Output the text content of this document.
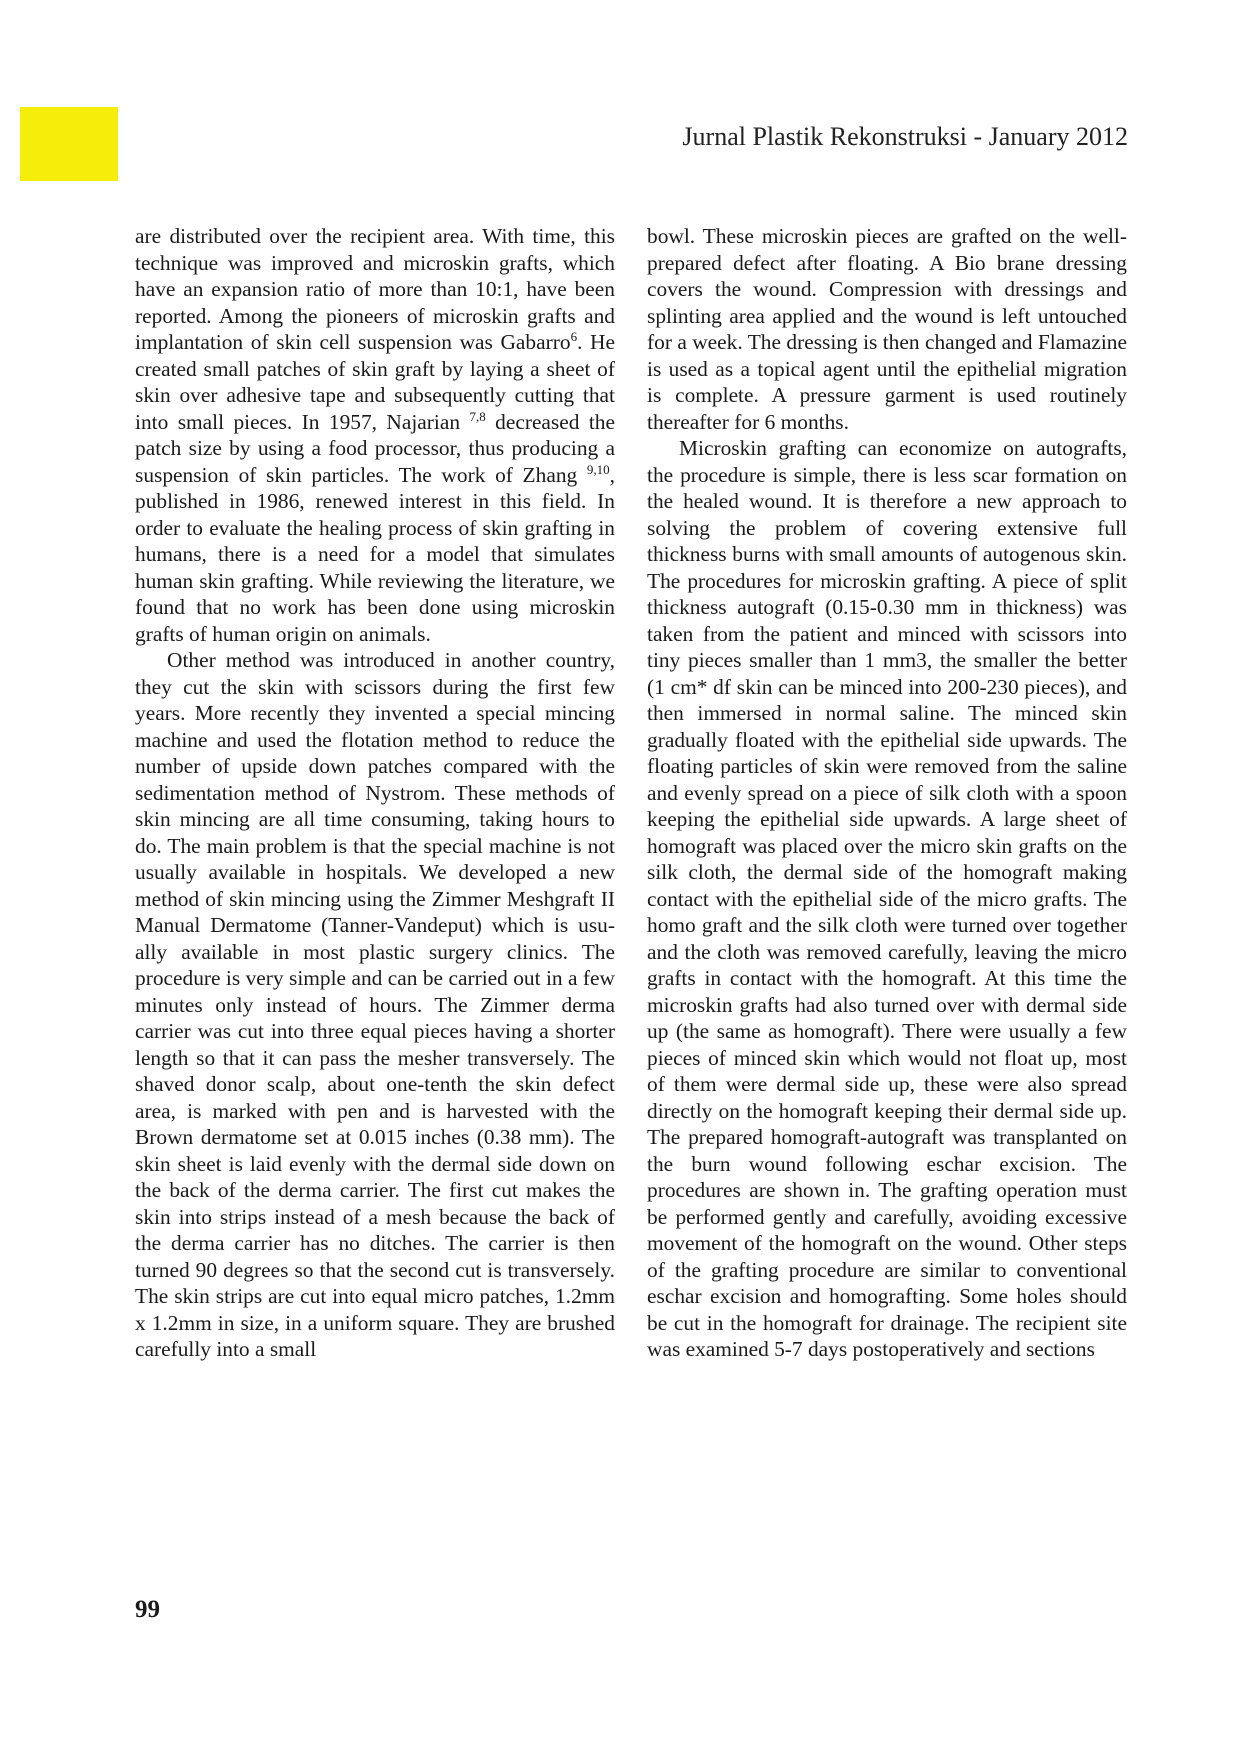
Jurnal Plastik Rekonstruksi - January 2012

are distributed over the recipient area. With time, this technique was improved and microskin grafts, which have an expansion ratio of more than 10:1, have been reported. Among the pioneers of microskin grafts and implantation of skin cell suspension was Gabarro$^6$. He created small patches of skin graft by laying a sheet of skin over adhesive tape and subsequently cutting that into small pieces. In 1957, Najarian $^{7,8}$ decreased the patch size by using a food processor, thus producing a suspension of skin particles. The work of Zhang $^{9,10}$, published in 1986, renewed interest in this field. In order to evaluate the healing process of skin grafting in humans, there is a need for a model that simulates human skin grafting. While reviewing the literature, we found that no work has been done using microskin grafts of human origin on animals.

Other method was introduced in another country, they cut the skin with scissors during the first few years. More recently they invented a special mincing machine and used the flotation method to reduce the number of upside down patches compared with the sedimentation method of Nystrom. These methods of skin mincing are all time consuming, taking hours to do. The main problem is that the special machine is not usually available in hospitals. We developed a new method of skin mincing using the Zimmer Meshgraft II Manual Dermatome (Tanner-Vandeput) which is usually available in most plastic surgery clinics. The procedure is very simple and can be carried out in a few minutes only instead of hours. The Zimmer derma carrier was cut into three equal pieces having a shorter length so that it can pass the mesher transversely. The shaved donor scalp, about one-tenth the skin defect area, is marked with pen and is harvested with the Brown dermatome set at 0.015 inches (0.38 mm). The skin sheet is laid evenly with the dermal side down on the back of the derma carrier. The first cut makes the skin into strips instead of a mesh because the back of the derma carrier has no ditches. The carrier is then turned 90 degrees so that the second cut is transversely. The skin strips are cut into equal micro patches, 1.2mm x 1.2mm in size, in a uniform square. They are brushed carefully into a small

bowl. These microskin pieces are grafted on the well-prepared defect after floating. A Bio brane dressing covers the wound. Compression with dressings and splinting area applied and the wound is left untouched for a week. The dressing is then changed and Flamazine is used as a topical agent until the epithelial migration is complete. A pressure garment is used routinely thereafter for 6 months.

Microskin grafting can economize on autografts, the procedure is simple, there is less scar formation on the healed wound. It is therefore a new approach to solving the problem of covering extensive full thickness burns with small amounts of autogenous skin. The procedures for microskin grafting. A piece of split thickness autograft (0.15-0.30 mm in thickness) was taken from the patient and minced with scissors into tiny pieces smaller than 1 mm3, the smaller the better (1 cm* df skin can be minced into 200-230 pieces), and then immersed in normal saline. The minced skin gradually floated with the epithelial side upwards. The floating particles of skin were removed from the saline and evenly spread on a piece of silk cloth with a spoon keeping the epithelial side upwards. A large sheet of homograft was placed over the micro skin grafts on the silk cloth, the dermal side of the homograft making contact with the epithelial side of the micro grafts. The homo graft and the silk cloth were turned over together and the cloth was removed carefully, leaving the micro grafts in contact with the homograft. At this time the microskin grafts had also turned over with dermal side up (the same as homograft). There were usually a few pieces of minced skin which would not float up, most of them were dermal side up, these were also spread directly on the homograft keeping their dermal side up. The prepared homograft-autograft was transplanted on the burn wound following eschar excision. The procedures are shown in. The grafting operation must be performed gently and carefully, avoiding excessive movement of the homograft on the wound. Other steps of the grafting procedure are similar to conventional eschar excision and homografting. Some holes should be cut in the homograft for drainage. The recipient site was examined 5-7 days postoperatively and sections

99
